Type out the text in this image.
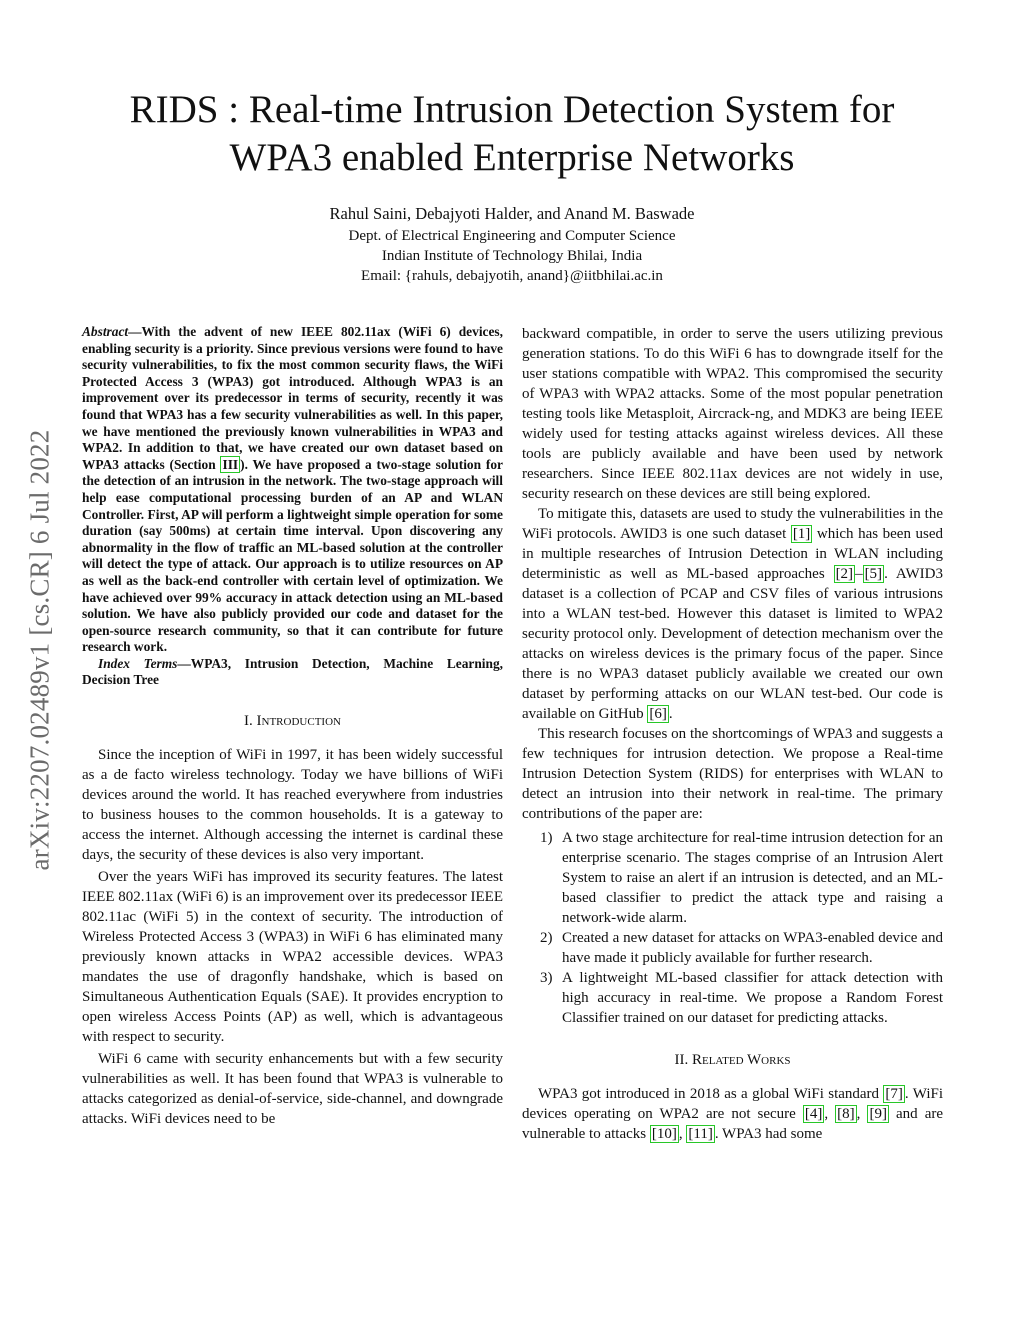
arXiv:2207.02489v1 [cs.CR] 6 Jul 2022
RIDS : Real-time Intrusion Detection System for
WPA3 enabled Enterprise Networks
Rahul Saini, Debajyoti Halder, and Anand M. Baswade
Dept. of Electrical Engineering and Computer Science
Indian Institute of Technology Bhilai, India
Email: {rahuls, debajyotih, anand}@iitbhilai.ac.in

Abstract—With the advent of new IEEE 802.11ax (WiFi 6) devices, enabling security is a priority. Since previous versions were found to have security vulnerabilities, to fix the most common security flaws, the WiFi Protected Access 3 (WPA3) got introduced. Although WPA3 is an improvement over its predecessor in terms of security, recently it was found that WPA3 has a few security vulnerabilities as well. In this paper, we have mentioned the previously known vulnerabilities in WPA3 and WPA2. In addition to that, we have created our own dataset based on WPA3 attacks (Section III ). We have proposed a two-stage solution for the detection of an intrusion in the network. The two-stage approach will help ease computational processing burden of an AP and WLAN Controller. First, AP will perform a lightweight simple operation for some duration (say 500ms) at certain time interval. Upon discovering any abnormality in the flow of traffic an ML-based solution at the controller will detect the type of attack. Our approach is to utilize resources on AP as well as the back-end controller with certain level of optimization. We have achieved over 99% accuracy in attack detection using an ML-based solution. We have also publicly provided our code and dataset for the open-source research community, so that it can contribute for future research work.

Index Terms—WPA3, Intrusion Detection, Machine Learning, Decision Tree

I. Introduction

Since the inception of WiFi in 1997, it has been widely successful as a de facto wireless technology. Today we have billions of WiFi devices around the world. It has reached everywhere from industries to business houses to the common households. It is a gateway to access the internet. Although accessing the internet is cardinal these days, the security of these devices is also very important.

Over the years WiFi has improved its security features. The latest IEEE 802.11ax (WiFi 6) is an improvement over its predecessor IEEE 802.11ac (WiFi 5) in the context of security. The introduction of Wireless Protected Access 3 (WPA3) in WiFi 6 has eliminated many previously known attacks in WPA2 accessible devices. WPA3 mandates the use of dragonfly handshake, which is based on Simultaneous Authentication Equals (SAE). It provides encryption to open wireless Access Points (AP) as well, which is advantageous with respect to security.

WiFi 6 came with security enhancements but with a few security vulnerabilities as well. It has been found that WPA3 is vulnerable to attacks categorized as denial-of-service, side-channel, and downgrade attacks. WiFi devices need to be

backward compatible, in order to serve the users utilizing previous generation stations. To do this WiFi 6 has to downgrade itself for the user stations compatible with WPA2. This compromised the security of WPA3 with WPA2 attacks. Some of the most popular penetration testing tools like Metasploit, Aircrack-ng, and MDK3 are being IEEE widely used for testing attacks against wireless devices. All these tools are publicly available and have been used by network researchers. Since IEEE 802.11ax devices are not widely in use, security research on these devices are still being explored.

To mitigate this, datasets are used to study the vulnerabilities in the WiFi protocols. AWID3 is one such dataset [1] which has been used in multiple researches of Intrusion Detection in WLAN including deterministic as well as ML-based approaches [2] – [5] . AWID3 dataset is a collection of PCAP and CSV files of various intrusions into a WLAN test-bed. However this dataset is limited to WPA2 security protocol only. Development of detection mechanism over the attacks on wireless devices is the primary focus of the paper. Since there is no WPA3 dataset publicly available we created our own dataset by performing attacks on our WLAN test-bed. Our code is available on GitHub [6] .

This research focuses on the shortcomings of WPA3 and suggests a few techniques for intrusion detection. We propose a Real-time Intrusion Detection System (RIDS) for enterprises with WLAN to detect an intrusion into their network in real-time. The primary contributions of the paper are:

1) A two stage architecture for real-time intrusion detection for an enterprise scenario. The stages comprise of an Intrusion Alert System to raise an alert if an intrusion is detected, and an ML-based classifier to predict the attack type and raising a network-wide alarm.
2) Created a new dataset for attacks on WPA3-enabled device and have made it publicly available for further research.
3) A lightweight ML-based classifier for attack detection with high accuracy in real-time. We propose a Random Forest Classifier trained on our dataset for predicting attacks.
II. Related Works

WPA3 got introduced in 2018 as a global WiFi standard [7] . WiFi devices operating on WPA2 are not secure [4] , [8] , [9] and are vulnerable to attacks [10] , [11] . WPA3 had some
